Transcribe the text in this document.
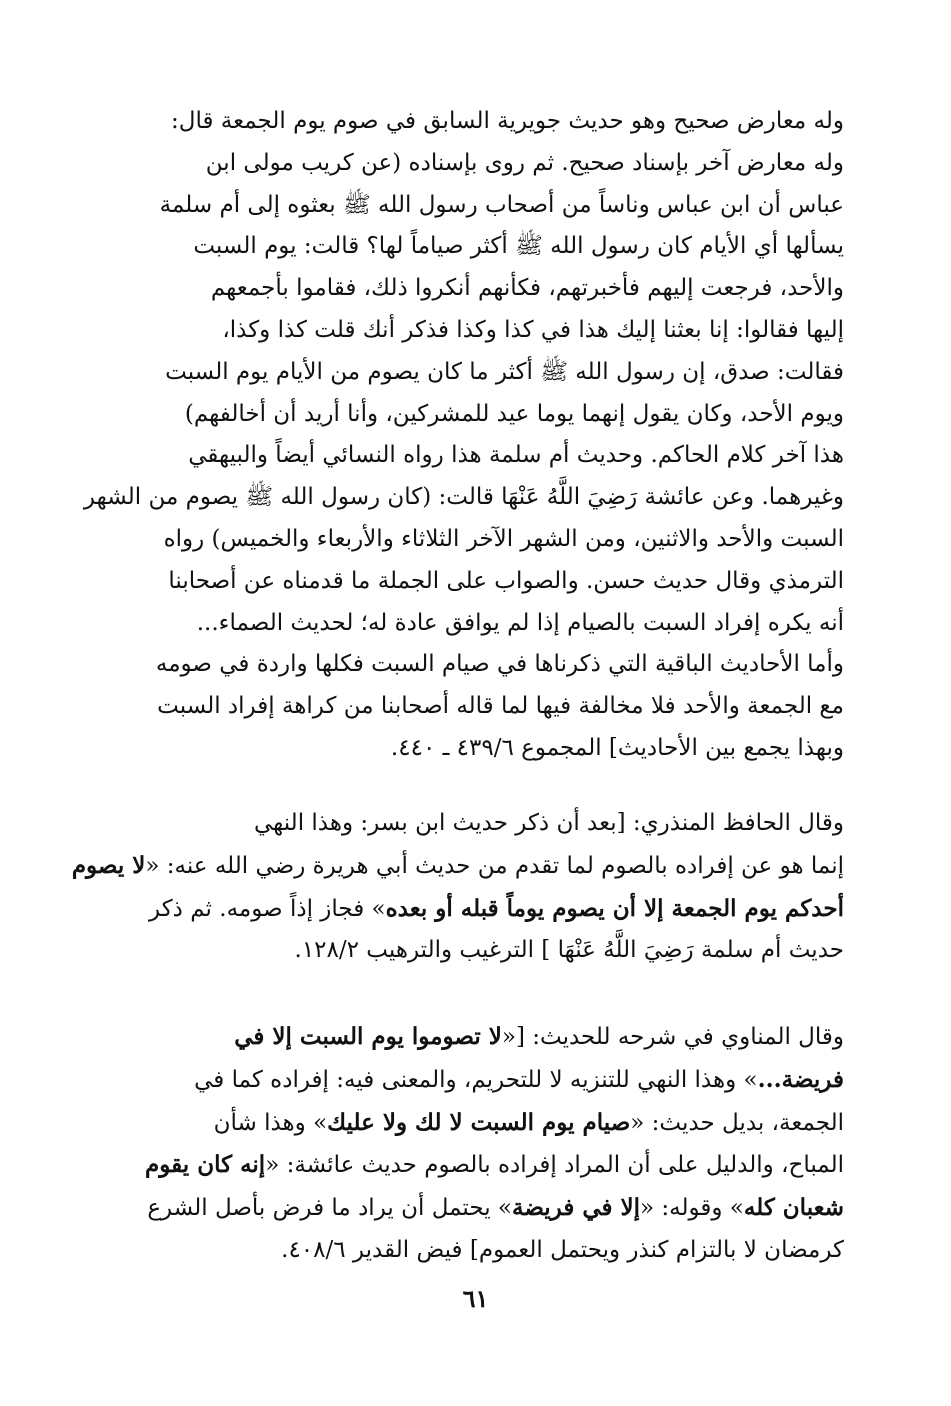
وله معارض صحيح وهو حديث جويرية السابق في صوم يوم الجمعة قال:
وله معارض آخر بإسناد صحيح. ثم روى بإسناده (عن كريب مولى ابن
عباس أن ابن عباس وناساً من أصحاب رسول الله ﷺ بعثوه إلى أم سلمة
يسألها أي الأيام كان رسول الله ﷺ أكثر صياماً لها؟ قالت: يوم السبت
والأحد، فرجعت إليهم فأخبرتهم، فكأنهم أنكروا ذلك، فقاموا بأجمعهم
إليها فقالوا: إنا بعثنا إليك هذا في كذا وكذا فذكر أنك قلت كذا وكذا،
فقالت: صدق، إن رسول الله ﷺ أكثر ما كان يصوم من الأيام يوم السبت
ويوم الأحد، وكان يقول إنهما يوما عيد للمشركين، وأنا أريد أن أخالفهم)
هذا آخر كلام الحاكم. وحديث أم سلمة هذا رواه النسائي أيضاً والبيهقي
وغيرهما. وعن عائشة رَضِيَ اللَّهُ عَنْهَا قالت: (كان رسول الله ﷺ يصوم من الشهر
السبت والأحد والاثنين، ومن الشهر الآخر الثلاثاء والأربعاء والخميس) رواه
الترمذي وقال حديث حسن. والصواب على الجملة ما قدمناه عن أصحابنا
أنه يكره إفراد السبت بالصيام إذا لم يوافق عادة له؛ لحديث الصماء...
وأما الأحاديث الباقية التي ذكرناها في صيام السبت فكلها واردة في صومه
مع الجمعة والأحد فلا مخالفة فيها لما قاله أصحابنا من كراهة إفراد السبت
وبهذا يجمع بين الأحاديث] المجموع ٤٣٩/٦ ـ ٤٤٠.

وقال الحافظ المنذري: [بعد أن ذكر حديث ابن بسر: وهذا النهي
إنما هو عن إفراده بالصوم لما تقدم من حديث أبي هريرة رضي الله عنه: «لا يصوم
أحدكم يوم الجمعة إلا أن يصوم يوماً قبله أو بعده» فجاز إذاً صومه. ثم ذكر
حديث أم سلمة رَضِيَ اللَّهُ عَنْهَا ] الترغيب والترهيب ١٢٨/٢.

وقال المناوي في شرحه للحديث: [«لا تصوموا يوم السبت إلا في
فريضة...» وهذا النهي للتنزيه لا للتحريم، والمعنى فيه: إفراده كما في
الجمعة، بديل حديث: «صيام يوم السبت لا لك ولا عليك» وهذا شأن
المباح، والدليل على أن المراد إفراده بالصوم حديث عائشة: «إنه كان يقوم
شعبان كله» وقوله: «إلا في فريضة» يحتمل أن يراد ما فرض بأصل الشرع
كرمضان لا بالتزام كنذر ويحتمل العموم] فيض القدير ٤٠٨/٦.

٦١
